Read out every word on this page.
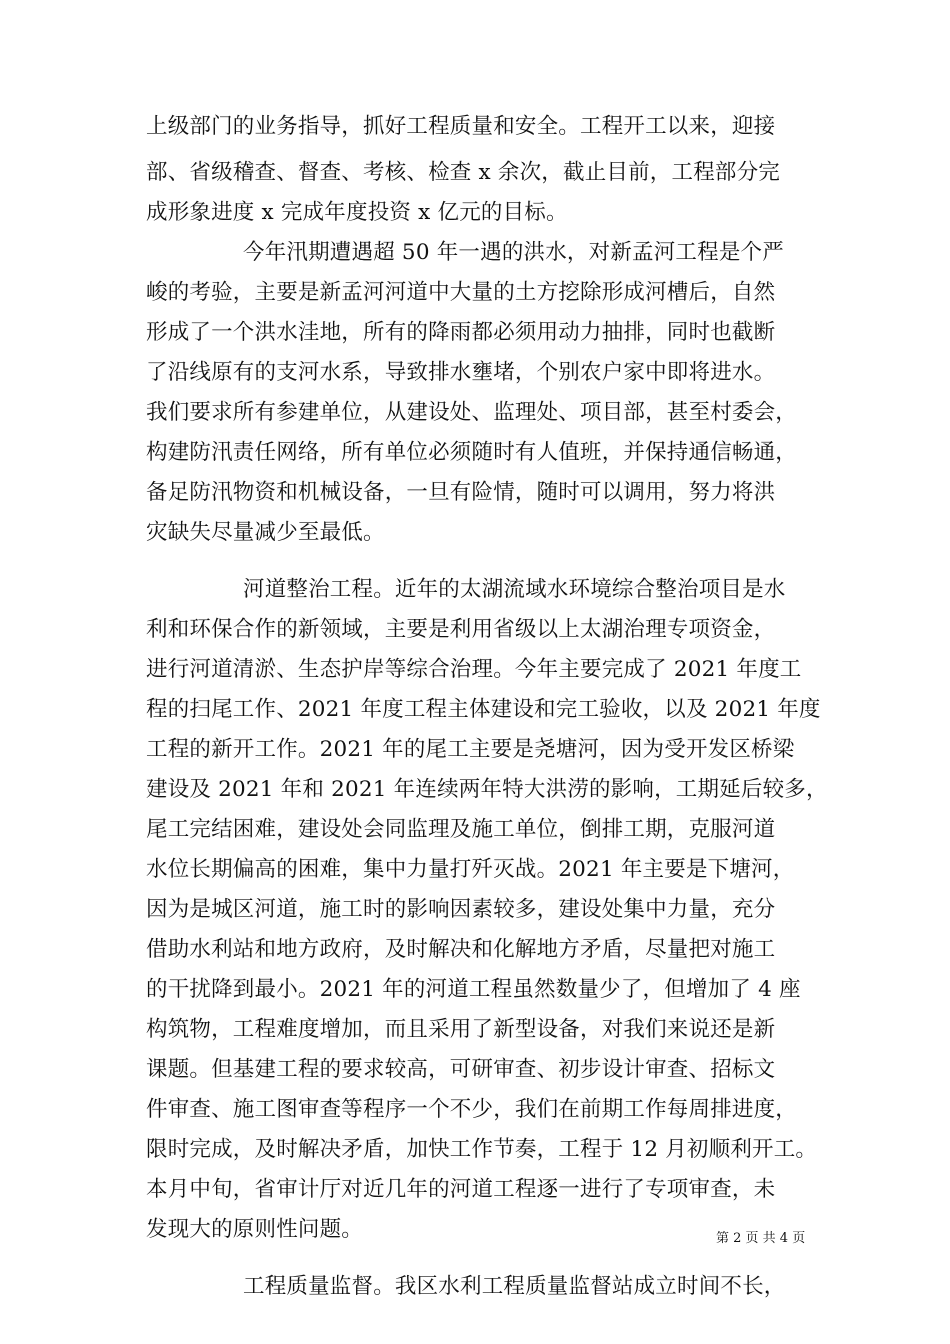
上级部门的业务指导，抓好工程质量和安全。工程开工以来，迎接

部、省级稽查、督查、考核、检查 x 余次，截止目前，工程部分完

成形象进度 x 完成年度投资 x 亿元的目标。

今年汛期遭遇超 50 年一遇的洪水，对新孟河工程是个严

峻的考验，主要是新孟河河道中大量的土方挖除形成河槽后，自然

形成了一个洪水洼地，所有的降雨都必须用动力抽排，同时也截断

了沿线原有的支河水系，导致排水壅堵，个别农户家中即将进水。

我们要求所有参建单位，从建设处、监理处、项目部，甚至村委会，

构建防汛责任网络，所有单位必须随时有人值班，并保持通信畅通，

备足防汛物资和机械设备，一旦有险情，随时可以调用，努力将洪

灾缺失尽量减少至最低。

河道整治工程。近年的太湖流域水环境综合整治项目是水

利和环保合作的新领域，主要是利用省级以上太湖治理专项资金，

进行河道清淤、生态护岸等综合治理。今年主要完成了 2021 年度工

程的扫尾工作、2021 年度工程主体建设和完工验收，以及 2021 年度

工程的新开工作。2021 年的尾工主要是尧塘河，因为受开发区桥梁

建设及 2021 年和 2021 年连续两年特大洪涝的影响，工期延后较多，

尾工完结困难，建设处会同监理及施工单位，倒排工期，克服河道

水位长期偏高的困难，集中力量打歼灭战。2021 年主要是下塘河，

因为是城区河道，施工时的影响因素较多，建设处集中力量，充分

借助水利站和地方政府，及时解决和化解地方矛盾，尽量把对施工

的干扰降到最小。2021 年的河道工程虽然数量少了，但增加了 4 座

构筑物，工程难度增加，而且采用了新型设备，对我们来说还是新

课题。但基建工程的要求较高，可研审查、初步设计审查、招标文

件审查、施工图审查等程序一个不少，我们在前期工作每周排进度，

限时完成，及时解决矛盾，加快工作节奏，工程于 12 月初顺利开工。

本月中旬，省审计厅对近几年的河道工程逐一进行了专项审查，未

发现大的原则性问题。

工程质量监督。我区水利工程质量监督站成立时间不长，

第 2 页 共 4 页
